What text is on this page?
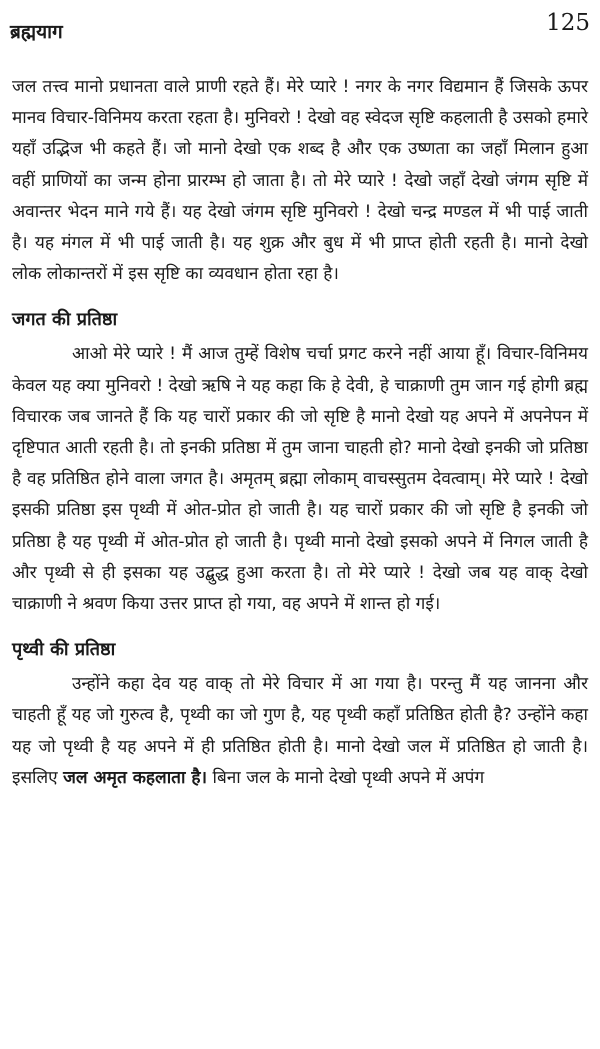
ब्रह्मयाग	125

जल तत्त्व मानो प्रधानता वाले प्राणी रहते हैं। मेरे प्यारे ! नगर के नगर विद्यमान हैं जिसके ऊपर मानव विचार-विनिमय करता रहता है। मुनिवरो ! देखो वह स्वेदज सृष्टि कहलाती है उसको हमारे यहाँ उद्भिज भी कहते हैं। जो मानो देखो एक शब्द है और एक उष्णता का जहाँ मिलान हुआ वहीं प्राणियों का जन्म होना प्रारम्भ हो जाता है। तो मेरे प्यारे ! देखो जहाँ देखो जंगम सृष्टि में अवान्तर भेदन माने गये हैं। यह देखो जंगम सृष्टि मुनिवरो ! देखो चन्द्र मण्डल में भी पाई जाती है। यह मंगल में भी पाई जाती है। यह शुक्र और बुध में भी प्राप्त होती रहती है। मानो देखो लोक लोकान्तरों में इस सृष्टि का व्यवधान होता रहा है।

जगत की प्रतिष्ठा

आओ मेरे प्यारे ! मैं आज तुम्हें विशेष चर्चा प्रगट करने नहीं आया हूँ। विचार-विनिमय केवल यह क्या मुनिवरो ! देखो ऋषि ने यह कहा कि हे देवी, हे चाक्राणी तुम जान गई होगी ब्रह्म विचारक जब जानते हैं कि यह चारों प्रकार की जो सृष्टि है मानो देखो यह अपने में अपनेपन में दृष्टिपात आती रहती है। तो इनकी प्रतिष्ठा में तुम जाना चाहती हो? मानो देखो इनकी जो प्रतिष्ठा है वह प्रतिष्ठित होने वाला जगत है। अमृतम् ब्रह्मा लोकाम् वाचस्सुतम देवत्वाम्। मेरे प्यारे ! देखो इसकी प्रतिष्ठा इस पृथ्वी में ओत-प्रोत हो जाती है। यह चारों प्रकार की जो सृष्टि है इनकी जो प्रतिष्ठा है यह पृथ्वी में ओत-प्रोत हो जाती है। पृथ्वी मानो देखो इसको अपने में निगल जाती है और पृथ्वी से ही इसका यह उद्बुद्ध हुआ करता है। तो मेरे प्यारे ! देखो जब यह वाक् देखो चाक्राणी ने श्रवण किया उत्तर प्राप्त हो गया, वह अपने में शान्त हो गई।

पृथ्वी की प्रतिष्ठा

उन्होंने कहा देव यह वाक् तो मेरे विचार में आ गया है। परन्तु मैं यह जानना और चाहती हूँ यह जो गुरुत्व है, पृथ्वी का जो गुण है, यह पृथ्वी कहाँ प्रतिष्ठित होती है? उन्होंने कहा यह जो पृथ्वी है यह अपने में ही प्रतिष्ठित होती है। मानो देखो जल में प्रतिष्ठित हो जाती है। इसलिए जल अमृत कहलाता है। बिना जल के मानो देखो पृथ्वी अपने में अपंग
